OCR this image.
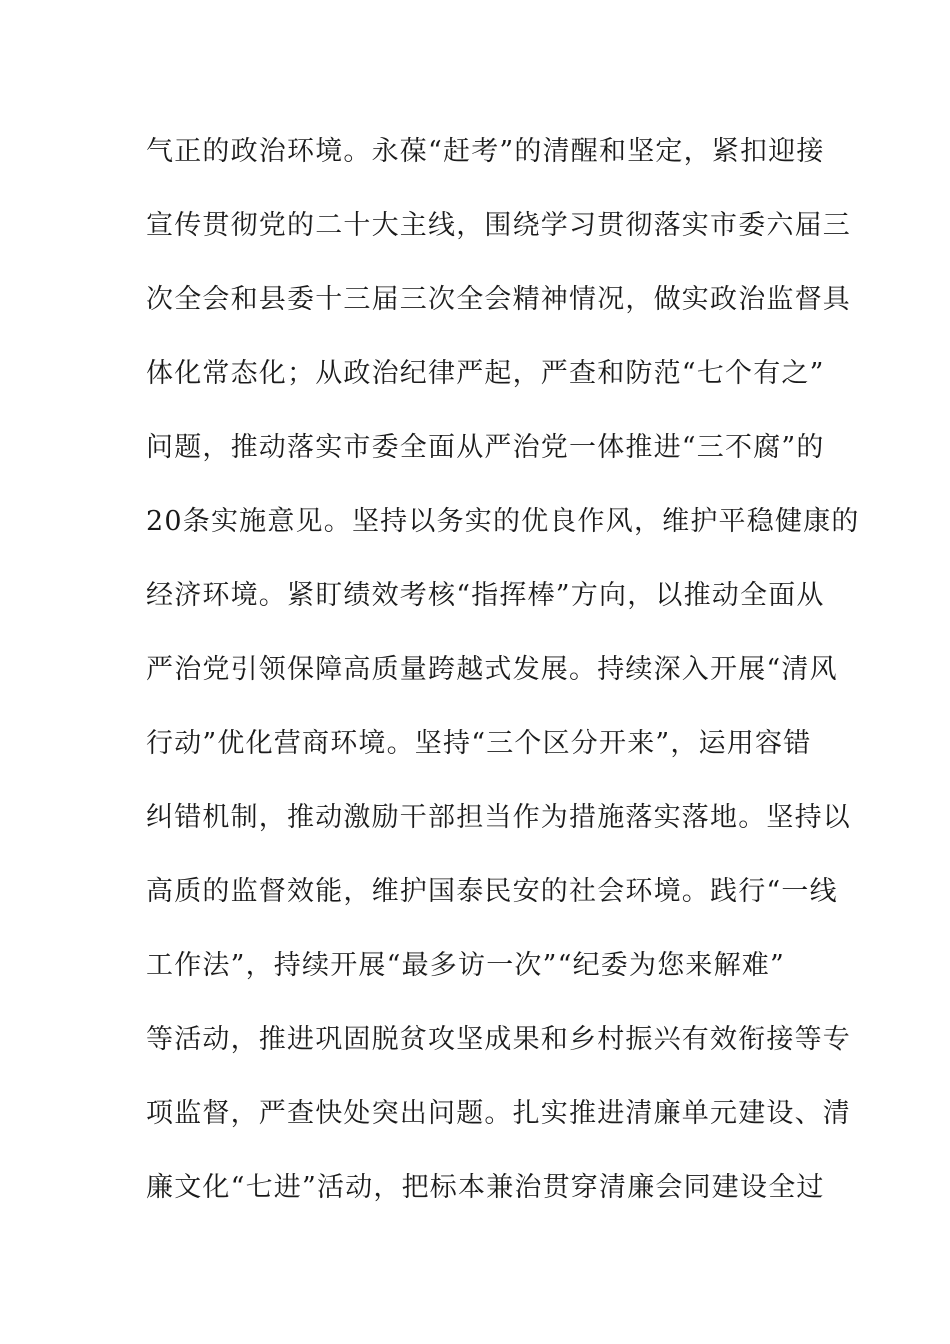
气正的政治环境。永葆“赶考”的清醒和坚定，紧扣迎接
宣传贯彻党的二十大主线，围绕学习贯彻落实市委六届三
次全会和县委十三届三次全会精神情况，做实政治监督具
体化常态化；从政治纪律严起，严查和防范“七个有之”
问题，推动落实市委全面从严治党一体推进“三不腐”的
20条实施意见。坚持以务实的优良作风，维护平稳健康的
经济环境。紧盯绩效考核“指挥棒”方向，以推动全面从
严治党引领保障高质量跨越式发展。持续深入开展“清风
行动”优化营商环境。坚持“三个区分开来”，运用容错
纠错机制，推动激励干部担当作为措施落实落地。坚持以
高质的监督效能，维护国泰民安的社会环境。践行“一线
工作法”，持续开展“最多访一次”“纪委为您来解难”
等活动，推进巩固脱贫攻坚成果和乡村振兴有效衔接等专
项监督，严查快处突出问题。扎实推进清廉单元建设、清
廉文化“七进”活动，把标本兼治贯穿清廉会同建设全过
